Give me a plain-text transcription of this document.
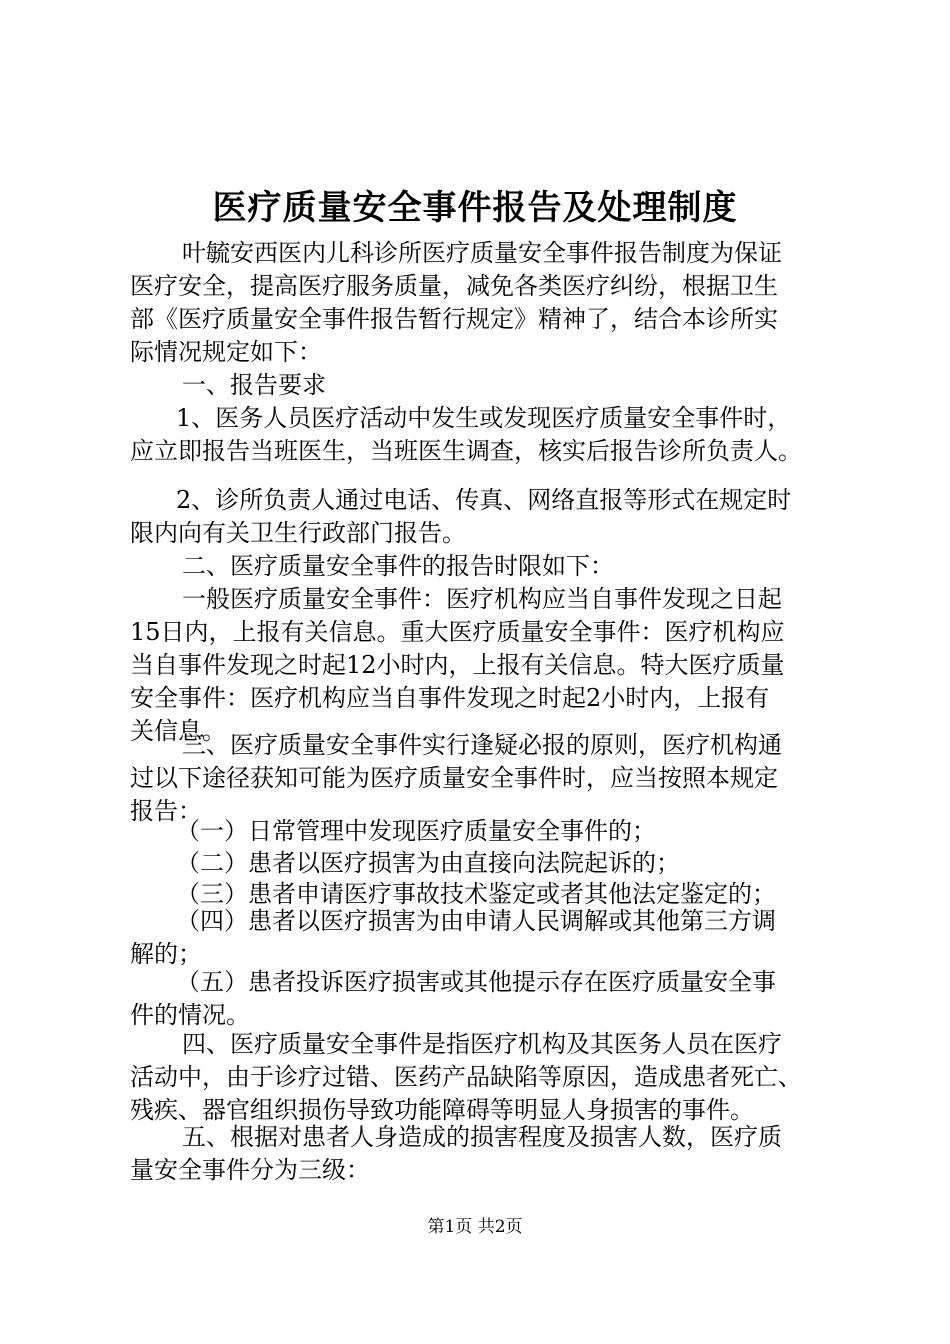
医疗质量安全事件报告及处理制度

叶毓安西医内儿科诊所医疗质量安全事件报告制度为保证
医疗安全，提高医疗服务质量，减免各类医疗纠纷，根据卫生
部《医疗质量安全事件报告暂行规定》精神了，结合本诊所实
际情况规定如下：

一、报告要求

1、医务人员医疗活动中发生或发现医疗质量安全事件时，
应立即报告当班医生，当班医生调查，核实后报告诊所负责人。

2、诊所负责人通过电话、传真、网络直报等形式在规定时
限内向有关卫生行政部门报告。

二、医疗质量安全事件的报告时限如下：

一般医疗质量安全事件：医疗机构应当自事件发现之日起
15日内，上报有关信息。重大医疗质量安全事件：医疗机构应
当自事件发现之时起12小时内，上报有关信息。特大医疗质量
安全事件：医疗机构应当自事件发现之时起2小时内，上报有
关信息。

三、医疗质量安全事件实行逢疑必报的原则，医疗机构通
过以下途径获知可能为医疗质量安全事件时，应当按照本规定
报告：

（一）日常管理中发现医疗质量安全事件的；

（二）患者以医疗损害为由直接向法院起诉的；

（三）患者申请医疗事故技术鉴定或者其他法定鉴定的；

（四）患者以医疗损害为由申请人民调解或其他第三方调
解的；

（五）患者投诉医疗损害或其他提示存在医疗质量安全事
件的情况。

四、医疗质量安全事件是指医疗机构及其医务人员在医疗
活动中，由于诊疗过错、医药产品缺陷等原因，造成患者死亡、
残疾、器官组织损伤导致功能障碍等明显人身损害的事件。

五、根据对患者人身造成的损害程度及损害人数，医疗质
量安全事件分为三级：

第1页 共2页
